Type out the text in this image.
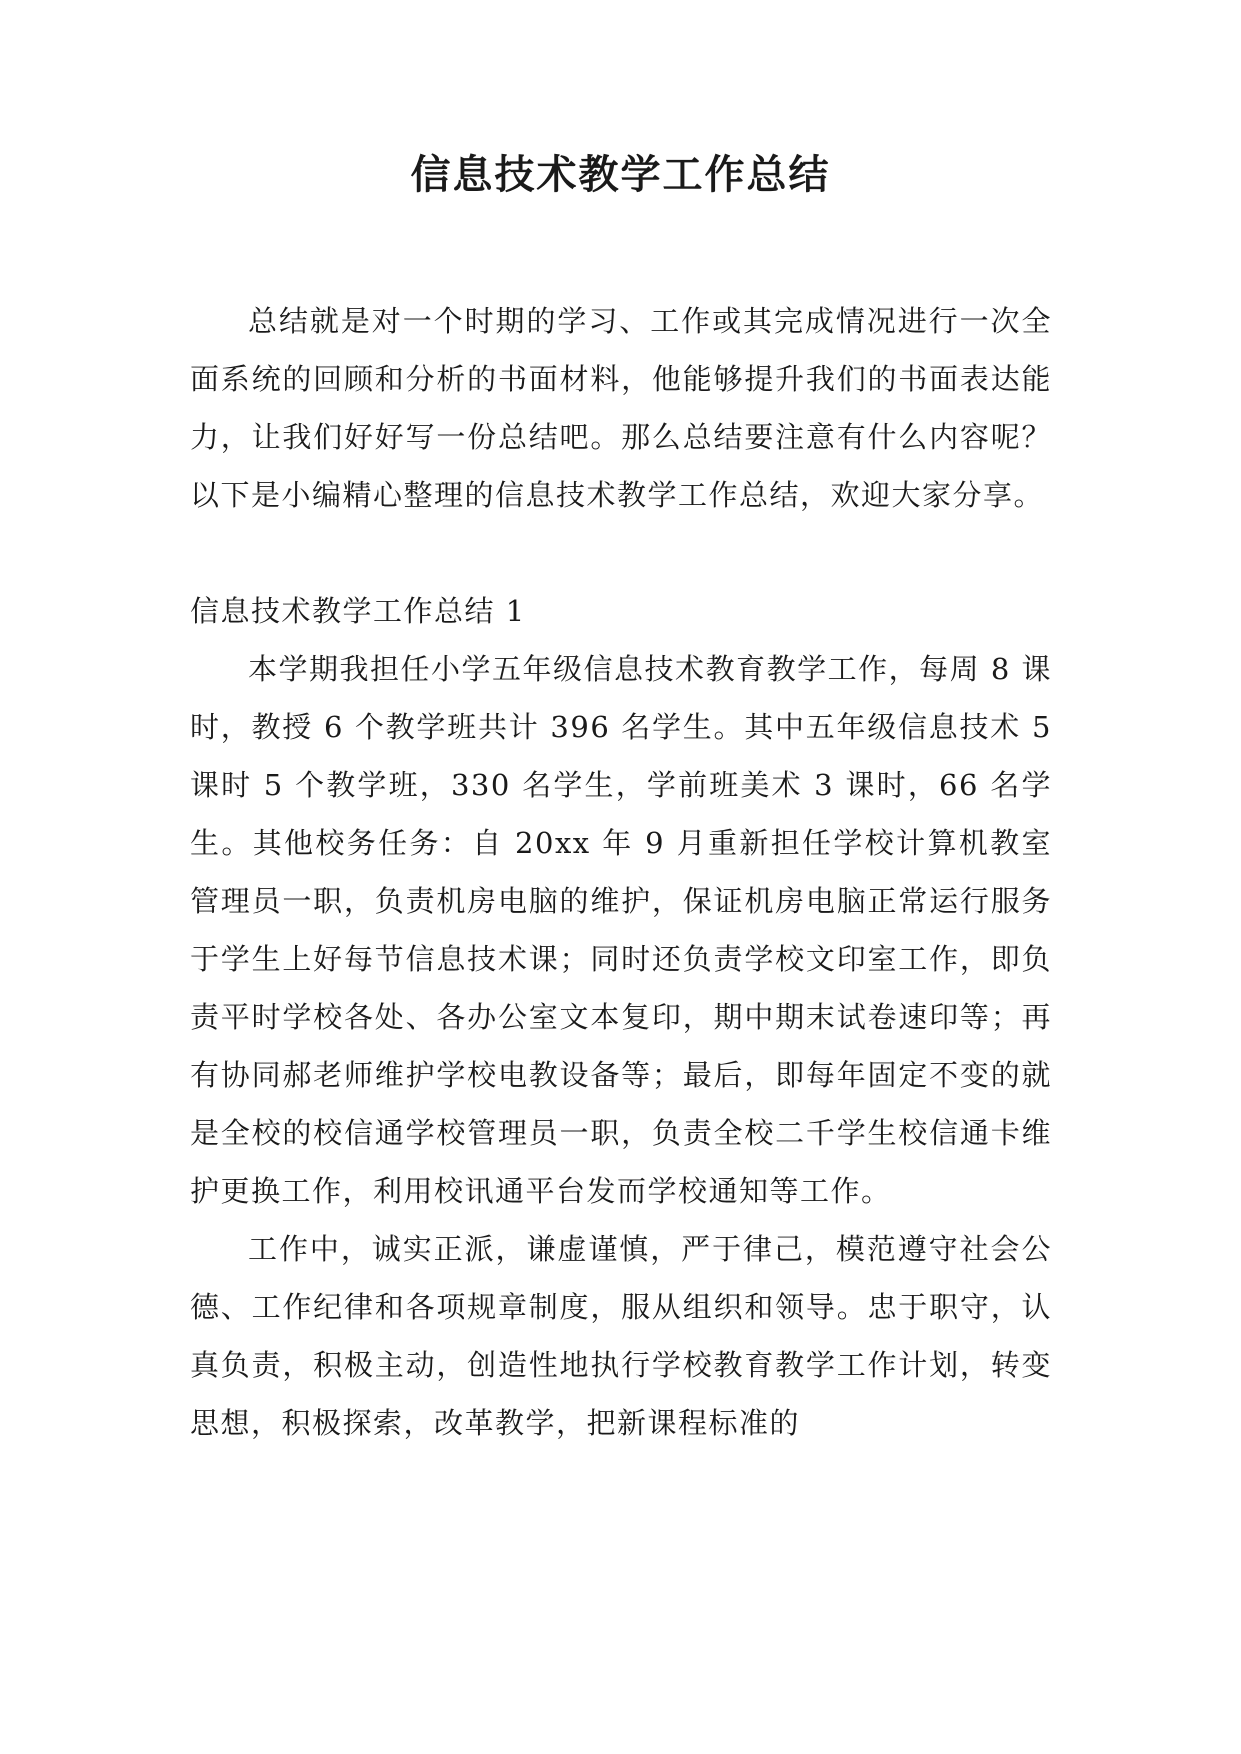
信息技术教学工作总结

总结就是对一个时期的学习、工作或其完成情况进行一次全面系统的回顾和分析的书面材料，他能够提升我们的书面表达能力，让我们好好写一份总结吧。那么总结要注意有什么内容呢？以下是小编精心整理的信息技术教学工作总结，欢迎大家分享。

信息技术教学工作总结 1

本学期我担任小学五年级信息技术教育教学工作，每周 8 课时，教授 6 个教学班共计 396 名学生。其中五年级信息技术 5 课时 5 个教学班，330 名学生，学前班美术 3 课时，66 名学生。其他校务任务：自 20xx 年 9 月重新担任学校计算机教室管理员一职，负责机房电脑的维护，保证机房电脑正常运行服务于学生上好每节信息技术课；同时还负责学校文印室工作，即负责平时学校各处、各办公室文本复印，期中期末试卷速印等；再有协同郝老师维护学校电教设备等；最后，即每年固定不变的就是全校的校信通学校管理员一职，负责全校二千学生校信通卡维护更换工作，利用校讯通平台发而学校通知等工作。

工作中，诚实正派，谦虚谨慎，严于律己，模范遵守社会公德、工作纪律和各项规章制度，服从组织和领导。忠于职守，认真负责，积极主动，创造性地执行学校教育教学工作计划，转变思想，积极探索，改革教学，把新课程标准的
